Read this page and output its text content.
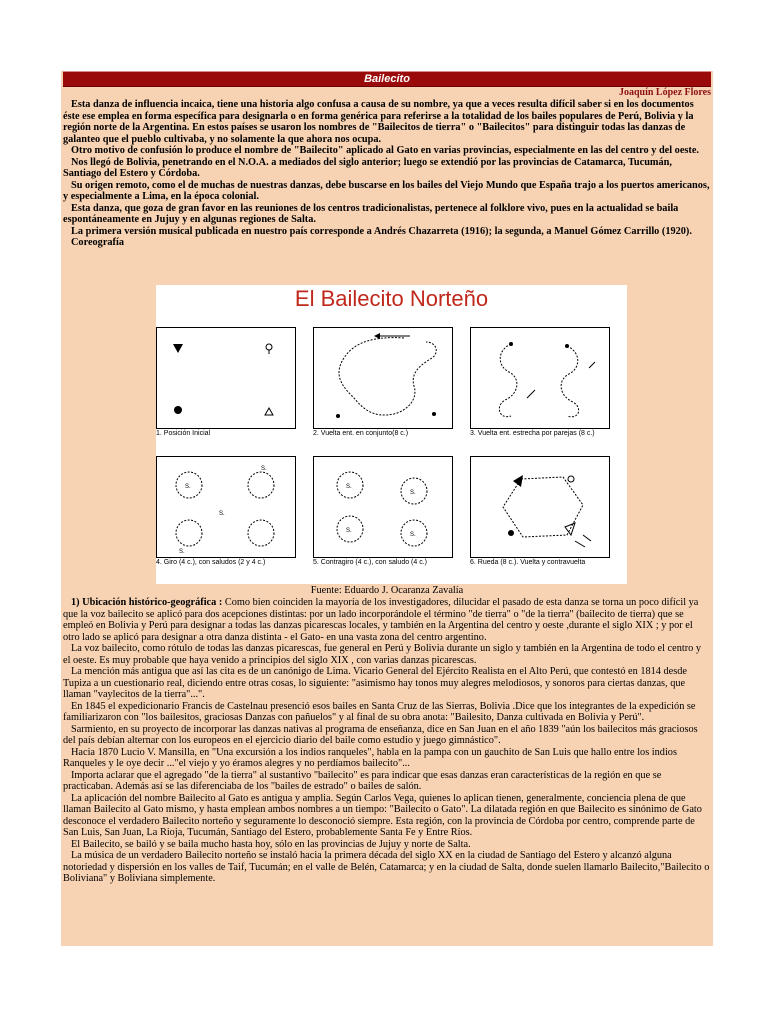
Bailecito
Joaquín López Flores

Esta danza de influencia incaica, tiene una historia algo confusa a causa de su nombre, ya que a veces resulta difícil saber si en los documentos éste ese emplea en forma específica para designarla o en forma genérica para referirse a la totalidad de los bailes populares de Perú, Bolivia y la región norte de la Argentina. En estos países se usaron los nombres de "Bailecitos de tierra" o "Bailecitos" para distinguir todas las danzas de galanteo que el pueblo cultivaba, y no solamente la que ahora nos ocupa.

Otro motivo de confusión lo produce el nombre de "Bailecito" aplicado al Gato en varias provincias, especialmente en las del centro y del oeste.

Nos llegó de Bolivia, penetrando en el N.O.A. a mediados del siglo anterior; luego se extendió por las provincias de Catamarca, Tucumán, Santiago del Estero y Córdoba.

Su origen remoto, como el de muchas de nuestras danzas, debe buscarse en los bailes del Viejo Mundo que España trajo a los puertos americanos, y especialmente a Lima, en la época colonial.

Esta danza, que goza de gran favor en las reuniones de los centros tradicionalistas, pertenece al folklore vivo, pues en la actualidad se baila espontáneamente en Jujuy y en algunas regiones de Salta.

La primera versión musical publicada en nuestro país corresponde a Andrés Chazarreta (1916); la segunda, a Manuel Gómez Carrillo (1920).

Coreografía

El Bailecito Norteño
1. Posición Inicial	2. Vuelta ent. en conjunto(8 c.)	3. Vuelta ent. estrecha por parejas (8 c.)
S.
S.
S.
S.
4. Giro (4 c.), con saludos (2 y 4 c.)
S.
S.
S.
S.
5. Contragiro (4 c.), con saludo (4 c.)	6. Rueda (8 c.). Vuelta y contravuelta
Fuente: Eduardo J. Ocaranza Zavalía

1) Ubicación histórico-geográfica : Como bien coinciden la mayoría de los investigadores, dilucidar el pasado de esta danza se torna un poco difícil ya que la voz bailecito se aplicó para dos acepciones distintas: por un lado incorporándole el término "de tierra" o "de la tierra" (bailecito de tierra) que se empleó en Bolivia y Perú para designar a todas las danzas picarescas locales, y también en la Argentina del centro y oeste ,durante el siglo XIX ; y por el otro lado se aplicó para designar a otra danza distinta - el Gato- en una vasta zona del centro argentino.

La voz bailecito, como rótulo de todas las danzas picarescas, fue general en Perú y Bolivia durante un siglo y también en la Argentina de todo el centro y el oeste. Es muy probable que haya venido a principios del siglo XIX , con varias danzas picarescas.

La mención más antigua que así las cita es de un canónigo de Lima. Vicario General del Ejército Realista en el Alto Perú, que contestó en 1814 desde Tupiza a un cuestionario real, diciendo entre otras cosas, lo siguiente: "asimismo hay tonos muy alegres melodiosos, y sonoros para ciertas danzas, que llaman "vaylecitos de la tierra"...".

En 1845 el expedicionario Francis de Castelnau presenció esos bailes en Santa Cruz de las Sierras, Bolivia .Dice que los integrantes de la expedición se familiarizaron con "los bailesitos, graciosas Danzas con pañuelos" y al final de su obra anota: "Bailesito, Danza cultivada en Bolivia y Perú".

Sarmiento, en su proyecto de incorporar las danzas nativas al programa de enseñanza, dice en San Juan en el año 1839 "aún los bailecitos más graciosos del país debían alternar con los europeos en el ejercicio diario del baile como estudio y juego gimnástico".

Hacia 1870 Lucio V. Mansilla, en "Una excursión a los indios ranqueles", habla en la pampa con un gauchito de San Luis que hallo entre los indios Ranqueles y le oye decir ..."el viejo y yo éramos alegres y no perdíamos bailecito"...

Importa aclarar que el agregado "de la tierra" al sustantivo "bailecito" es para indicar que esas danzas eran características de la región en que se practicaban. Además así se las diferenciaba de los "bailes de estrado" o bailes de salón.

La aplicación del nombre Bailecito al Gato es antigua y amplia. Según Carlos Vega, quienes lo aplican tienen, generalmente, conciencia plena de que llaman Bailecito al Gato mismo, y hasta emplean ambos nombres a un tiempo: "Bailecito o Gato". La dilatada región en que Bailecito es sinónimo de Gato desconoce el verdadero Bailecito norteño y seguramente lo desconoció siempre. Esta región, con la provincia de Córdoba por centro, comprende parte de San Luis, San Juan, La Rioja, Tucumán, Santiago del Estero, probablemente Santa Fe y Entre Ríos.

El Bailecito, se bailó y se baila mucho hasta hoy, sólo en las provincias de Jujuy y norte de Salta.

La música de un verdadero Bailecito norteño se instaló hacia la primera década del siglo XX en la ciudad de Santiago del Estero y alcanzó alguna notoriedad y dispersión en los valles de Taif, Tucumán; en el valle de Belén, Catamarca; y en la ciudad de Salta, donde suelen llamarlo Bailecito,"Bailecito o Boliviana" y Boliviana simplemente.
